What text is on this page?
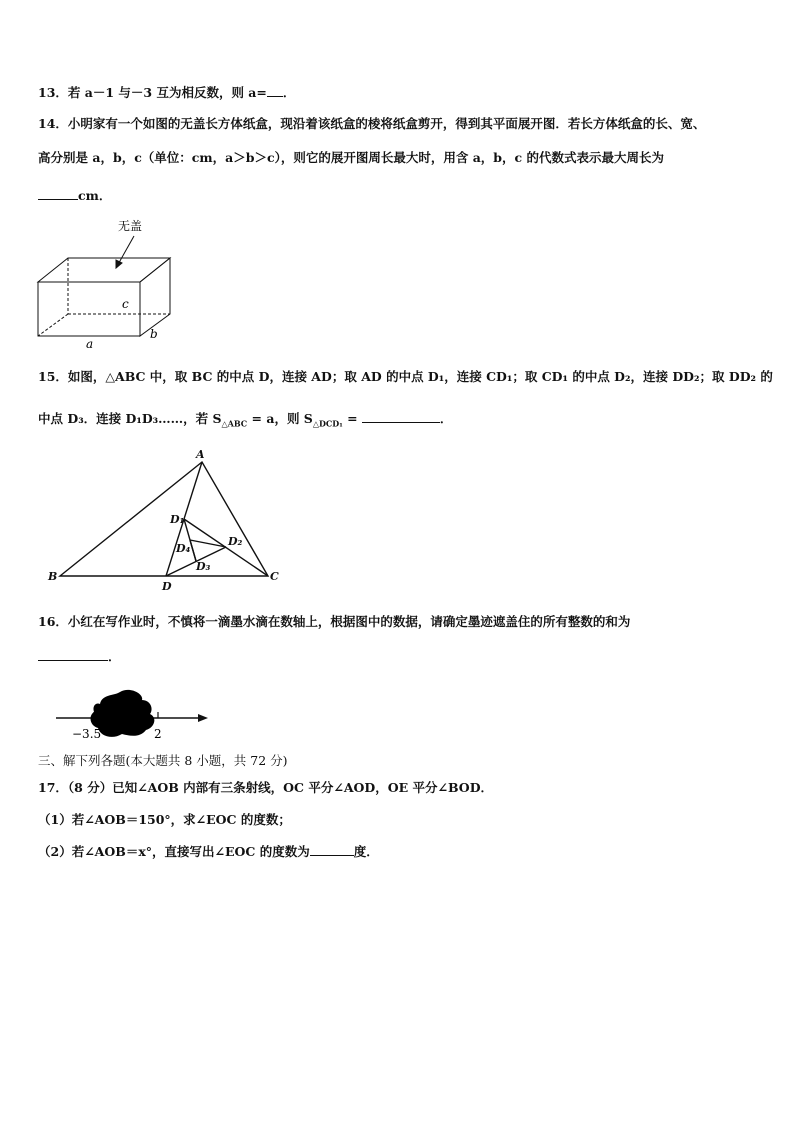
13．若 a－1 与－3 互为相反数，则 a= ．
14．小明家有一个如图的无盖长方体纸盒，现沿着该纸盒的棱将纸盒剪开，得到其平面展开图．若长方体纸盒的长、宽、
高分别是 a，b，c（单位：cm，a＞b＞c），则它的展开图周长最大时，用含 a，b，c 的代数式表示最大周长为
cm．
无盖
a
b
c
15．如图，△ABC 中，取 BC 的中点 D，连接 AD；取 AD 的中点 D₁，连接 CD₁；取 CD₁ 的中点 D₂，连接 DD₂；取 DD₂ 的
中点 D₃．连接 D₁D₃……，若 $S_{\triangle ABC} = a$，则 $S_{\triangle DCD_1}$ =	．
A
B	C
D
D₁
D₂
D₃
D₄
16．小红在写作业时，不慎将一滴墨水滴在数轴上，根据图中的数据，请确定墨迹遮盖住的所有整数的和为
．
−3.5	2
三、解下列各题(本大题共 8 小题，共 72 分)
17．（8 分）已知∠AOB 内部有三条射线，OC 平分∠AOD，OE 平分∠BOD．
（1）若∠AOB＝150°，求∠EOC 的度数；
（2）若∠AOB＝x°，直接写出∠EOC 的度数为	度．
